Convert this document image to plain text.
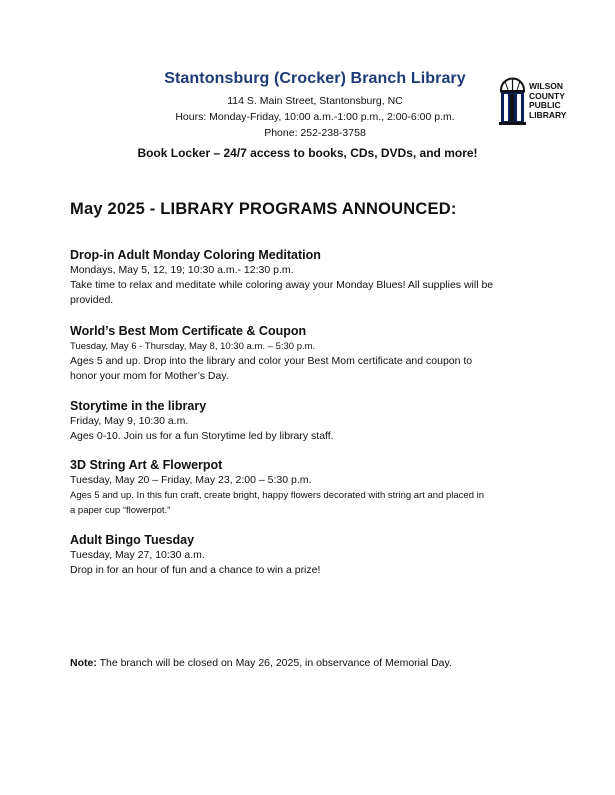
Stantonsburg (Crocker) Branch Library
114 S. Main Street, Stantonsburg, NC
Hours: Monday-Friday, 10:00 a.m.-1:00 p.m., 2:00-6:00 p.m.
Phone: 252-238-3758
WILSON
COUNTY
PUBLIC
LIBRARY
Book Locker – 24/7 access to books, CDs, DVDs, and more!
May 2025 - LIBRARY PROGRAMS ANNOUNCED:
Drop-in Adult Monday Coloring Meditation
Mondays, May 5, 12, 19; 10:30 a.m.- 12:30 p.m.
Take time to relax and meditate while coloring away your Monday Blues! All supplies will be
provided.
World’s Best Mom Certificate & Coupon
Tuesday, May 6 - Thursday, May 8, 10:30 a.m. – 5:30 p.m.
Ages 5 and up. Drop into the library and color your Best Mom certificate and coupon to
honor your mom for Mother’s Day.
Storytime in the library
Friday, May 9, 10:30 a.m.
Ages 0-10. Join us for a fun Storytime led by library staff.
3D String Art & Flowerpot
Tuesday, May 20 – Friday, May 23, 2:00 – 5:30 p.m.
Ages 5 and up. In this fun craft, create bright, happy flowers decorated with string art and placed in
a paper cup “flowerpot.”
Adult Bingo Tuesday
Tuesday, May 27, 10:30 a.m.
Drop in for an hour of fun and a chance to win a prize!
Note: The branch will be closed on May 26, 2025, in observance of Memorial Day.
